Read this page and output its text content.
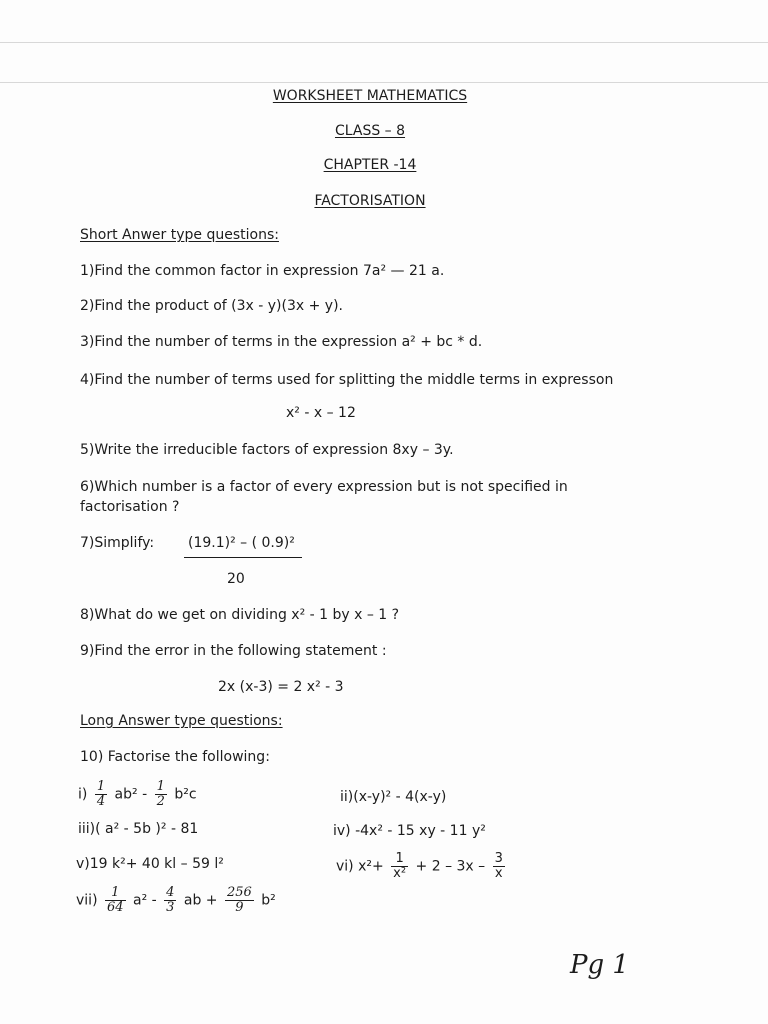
WORKSHEET MATHEMATICS
CLASS – 8
CHAPTER -14
FACTORISATION
Short Anwer type questions:
1)Find the common factor in expression 7a² — 21 a.
2)Find the product of (3x - y)(3x + y).
3)Find the number of terms in the expression a² + bc * d.
4)Find the number of terms used for splitting the middle terms in expresson
x² - x – 12
5)Write the irreducible factors of expression 8xy – 3y.
6)Which number is a factor of every expression but is not specified in
factorisation ?
7)Simplify: (19.1)² – ( 0.9)²
20
8)What do we get on dividing x² - 1 by x – 1 ?
9)Find the error in the following statement :
2x (x-3) = 2 x² - 3
Long Answer type questions:
10) Factorise the following:
$i) \frac{1}{4} ab^2 - \frac{1}{2} b^2c$	ii)(x-y)² - 4(x-y)
iii)( a² - 5b )² - 81	iv) -4x² - 15 xy - 11 y²
v)19 k²+ 40 kl – 59 l²	vi) $x^2+ \frac{1}{\text{x²}} + 2 - 3x - \frac{3}{x}$
$vii) \frac{1}{64} a^2 - \frac{4}{3}$ ab + $\frac{256}{9} b^2$
Pg 1
